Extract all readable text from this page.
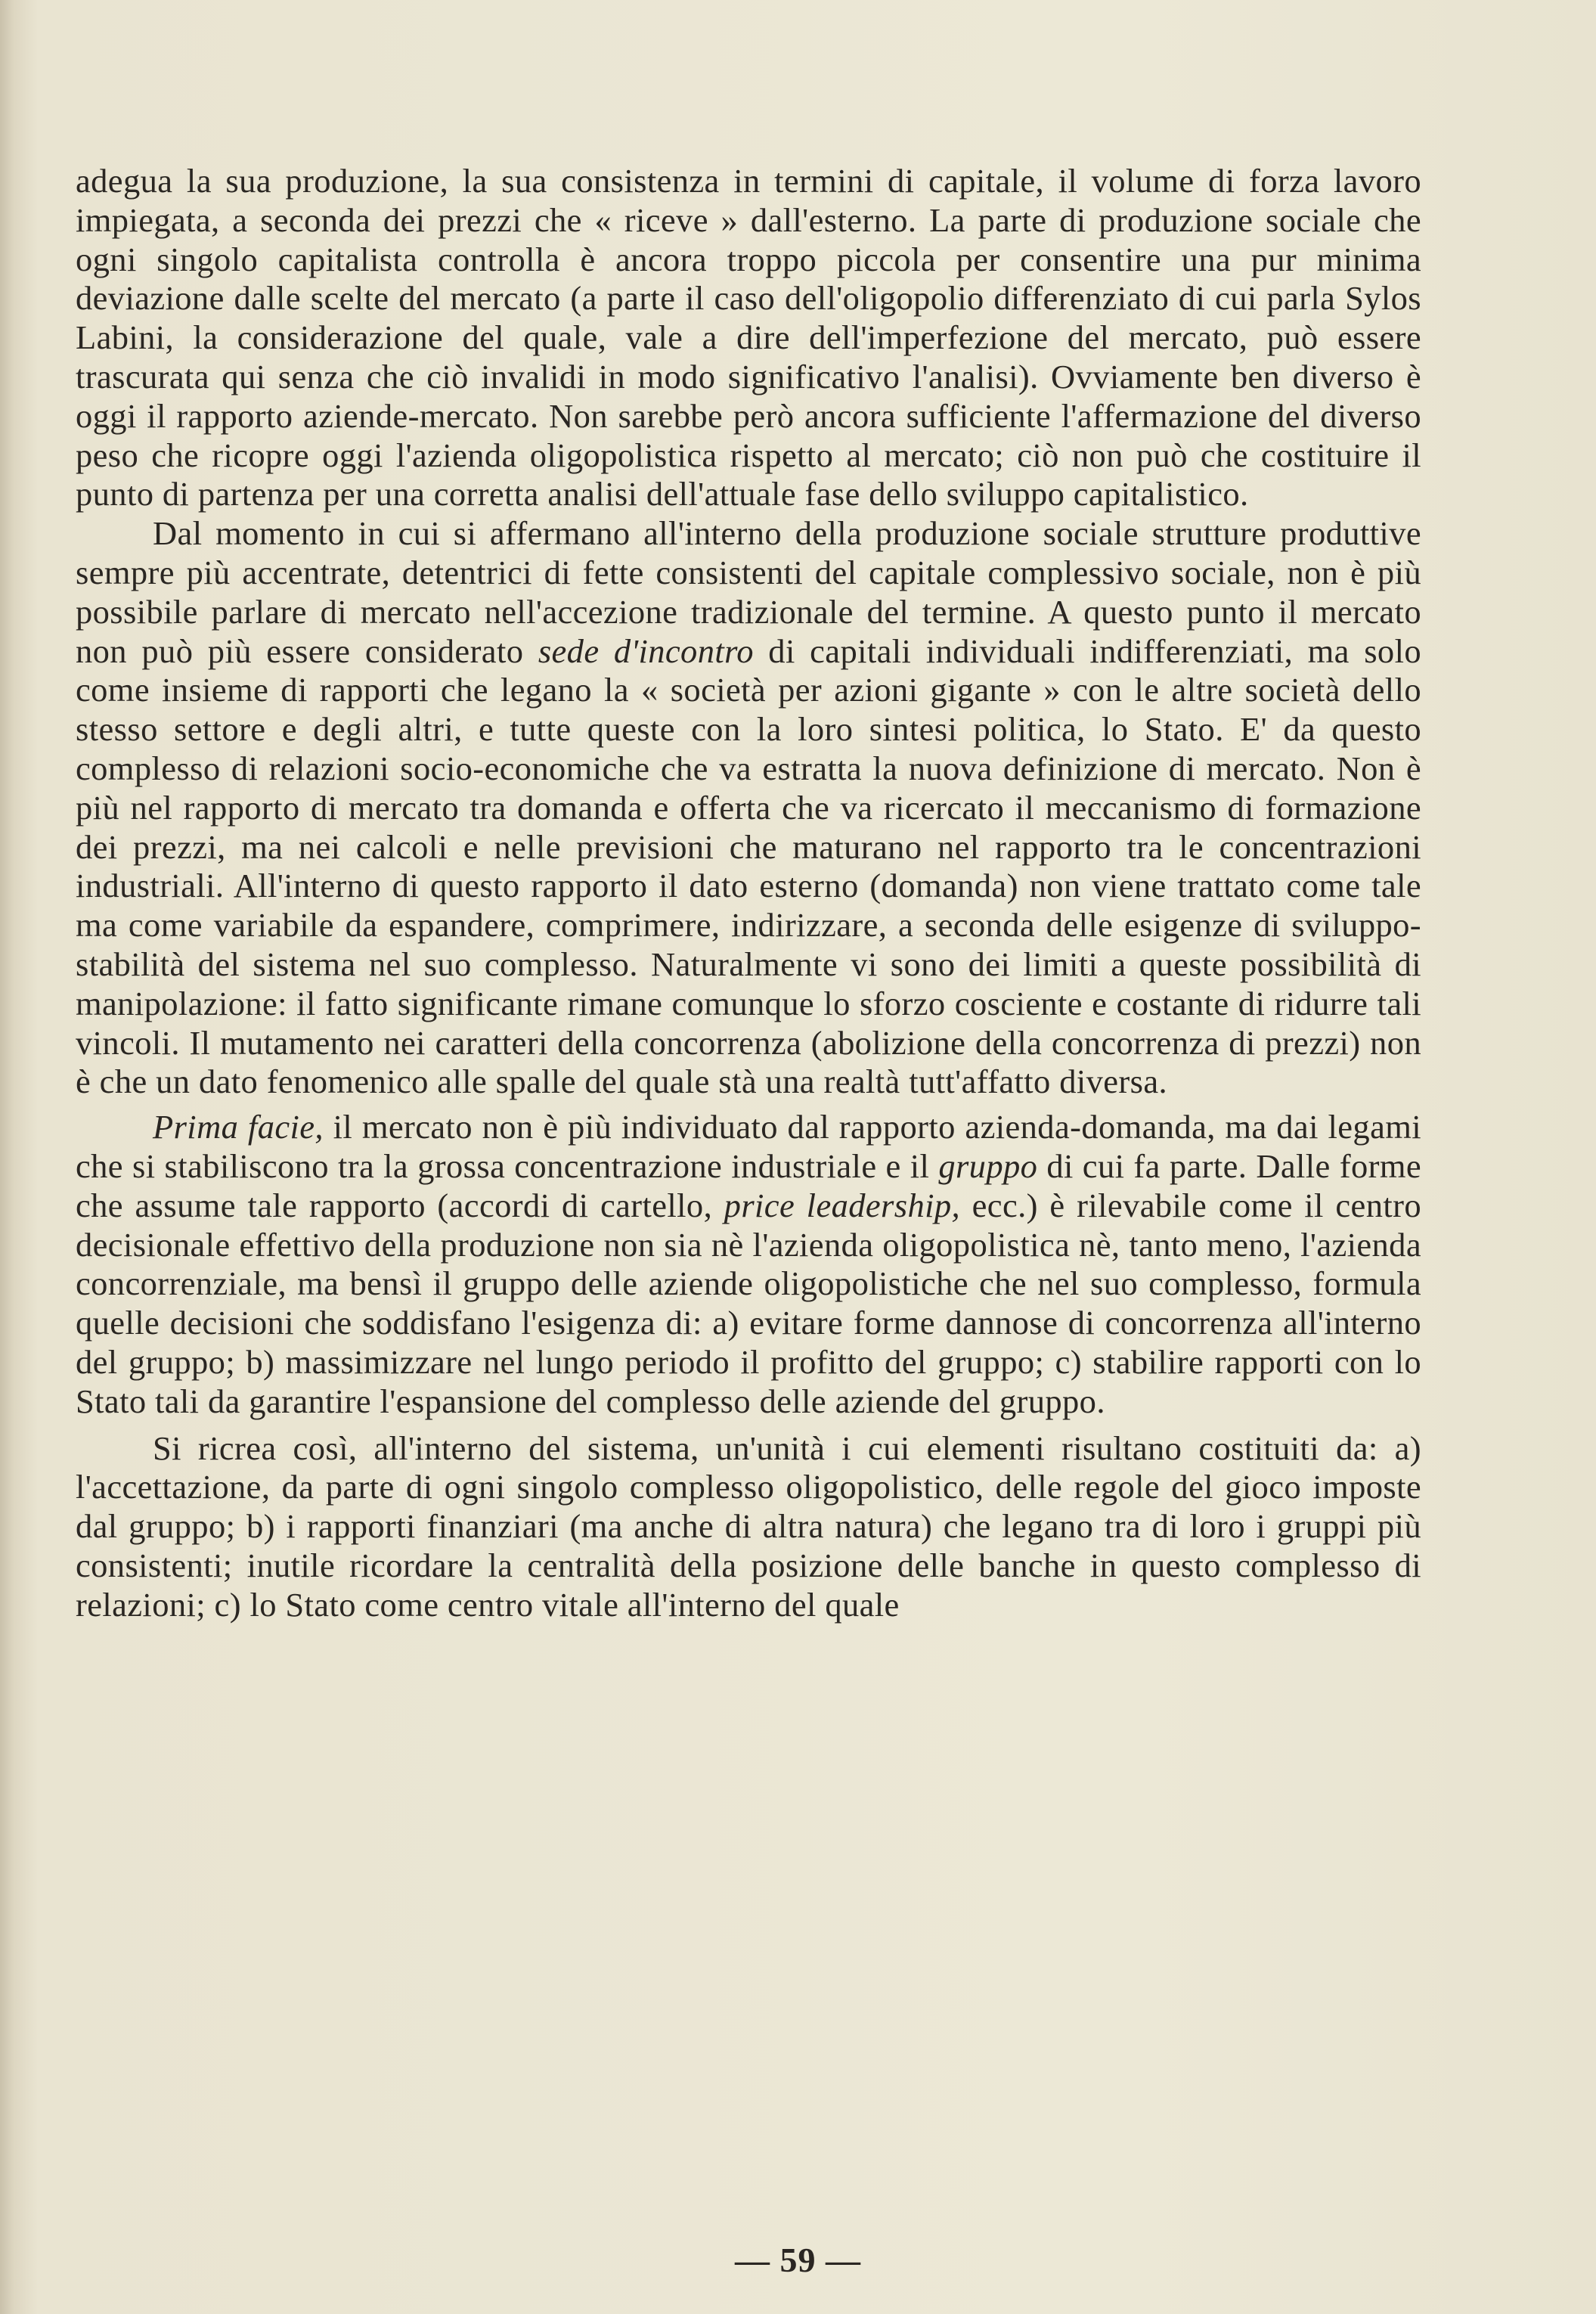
adegua la sua produzione, la sua consistenza in termini di capitale, il volume di forza lavoro impiegata, a seconda dei prezzi che « riceve » dall'esterno. La parte di produzione sociale che ogni singolo capitalista controlla è ancora troppo piccola per consentire una pur minima deviazione dalle scelte del mercato (a parte il caso dell'oligopolio differenziato di cui parla Sylos Labini, la considerazione del quale, vale a dire dell'imperfezione del mercato, può essere trascurata qui senza che ciò invalidi in modo significativo l'analisi). Ovviamente ben diverso è oggi il rapporto aziende-mercato. Non sarebbe però ancora sufficiente l'affermazione del diverso peso che ricopre oggi l'azienda oligopolistica rispetto al mercato; ciò non può che costituire il punto di partenza per una corretta analisi dell'attuale fase dello sviluppo capitalistico.

Dal momento in cui si affermano all'interno della produzione sociale strutture produttive sempre più accentrate, detentrici di fette consistenti del capitale complessivo sociale, non è più possibile parlare di mercato nell'accezione tradizionale del termine. A questo punto il mercato non può più essere considerato sede d'incontro di capitali individuali indifferenziati, ma solo come insieme di rapporti che legano la « società per azioni gigante » con le altre società dello stesso settore e degli altri, e tutte queste con la loro sintesi politica, lo Stato. E' da questo complesso di relazioni socio-economiche che va estratta la nuova definizione di mercato. Non è più nel rapporto di mercato tra domanda e offerta che va ricercato il meccanismo di formazione dei prezzi, ma nei calcoli e nelle previsioni che maturano nel rapporto tra le concentrazioni industriali. All'interno di questo rapporto il dato esterno (domanda) non viene trattato come tale ma come variabile da espandere, comprimere, indirizzare, a seconda delle esigenze di sviluppo-stabilità del sistema nel suo complesso. Naturalmente vi sono dei limiti a queste possibilità di manipolazione: il fatto significante rimane comunque lo sforzo cosciente e costante di ridurre tali vincoli. Il mutamento nei caratteri della concorrenza (abolizione della concorrenza di prezzi) non è che un dato fenomenico alle spalle del quale stà una realtà tutt'affatto diversa.

Prima facie, il mercato non è più individuato dal rapporto azienda-domanda, ma dai legami che si stabiliscono tra la grossa concentrazione industriale e il gruppo di cui fa parte. Dalle forme che assume tale rapporto (accordi di cartello, price leadership, ecc.) è rilevabile come il centro decisionale effettivo della produzione non sia nè l'azienda oligopolistica nè, tanto meno, l'azienda concorrenziale, ma bensì il gruppo delle aziende oligopolistiche che nel suo complesso, formula quelle decisioni che soddisfano l'esigenza di: a) evitare forme dannose di concorrenza all'interno del gruppo; b) massimizzare nel lungo periodo il profitto del gruppo; c) stabilire rapporti con lo Stato tali da garantire l'espansione del complesso delle aziende del gruppo.

Si ricrea così, all'interno del sistema, un'unità i cui elementi risultano costituiti da: a) l'accettazione, da parte di ogni singolo complesso oligopolistico, delle regole del gioco imposte dal gruppo; b) i rapporti finanziari (ma anche di altra natura) che legano tra di loro i gruppi più consistenti; inutile ricordare la centralità della posizione delle banche in questo complesso di relazioni; c) lo Stato come centro vitale all'interno del quale

— 59 —
